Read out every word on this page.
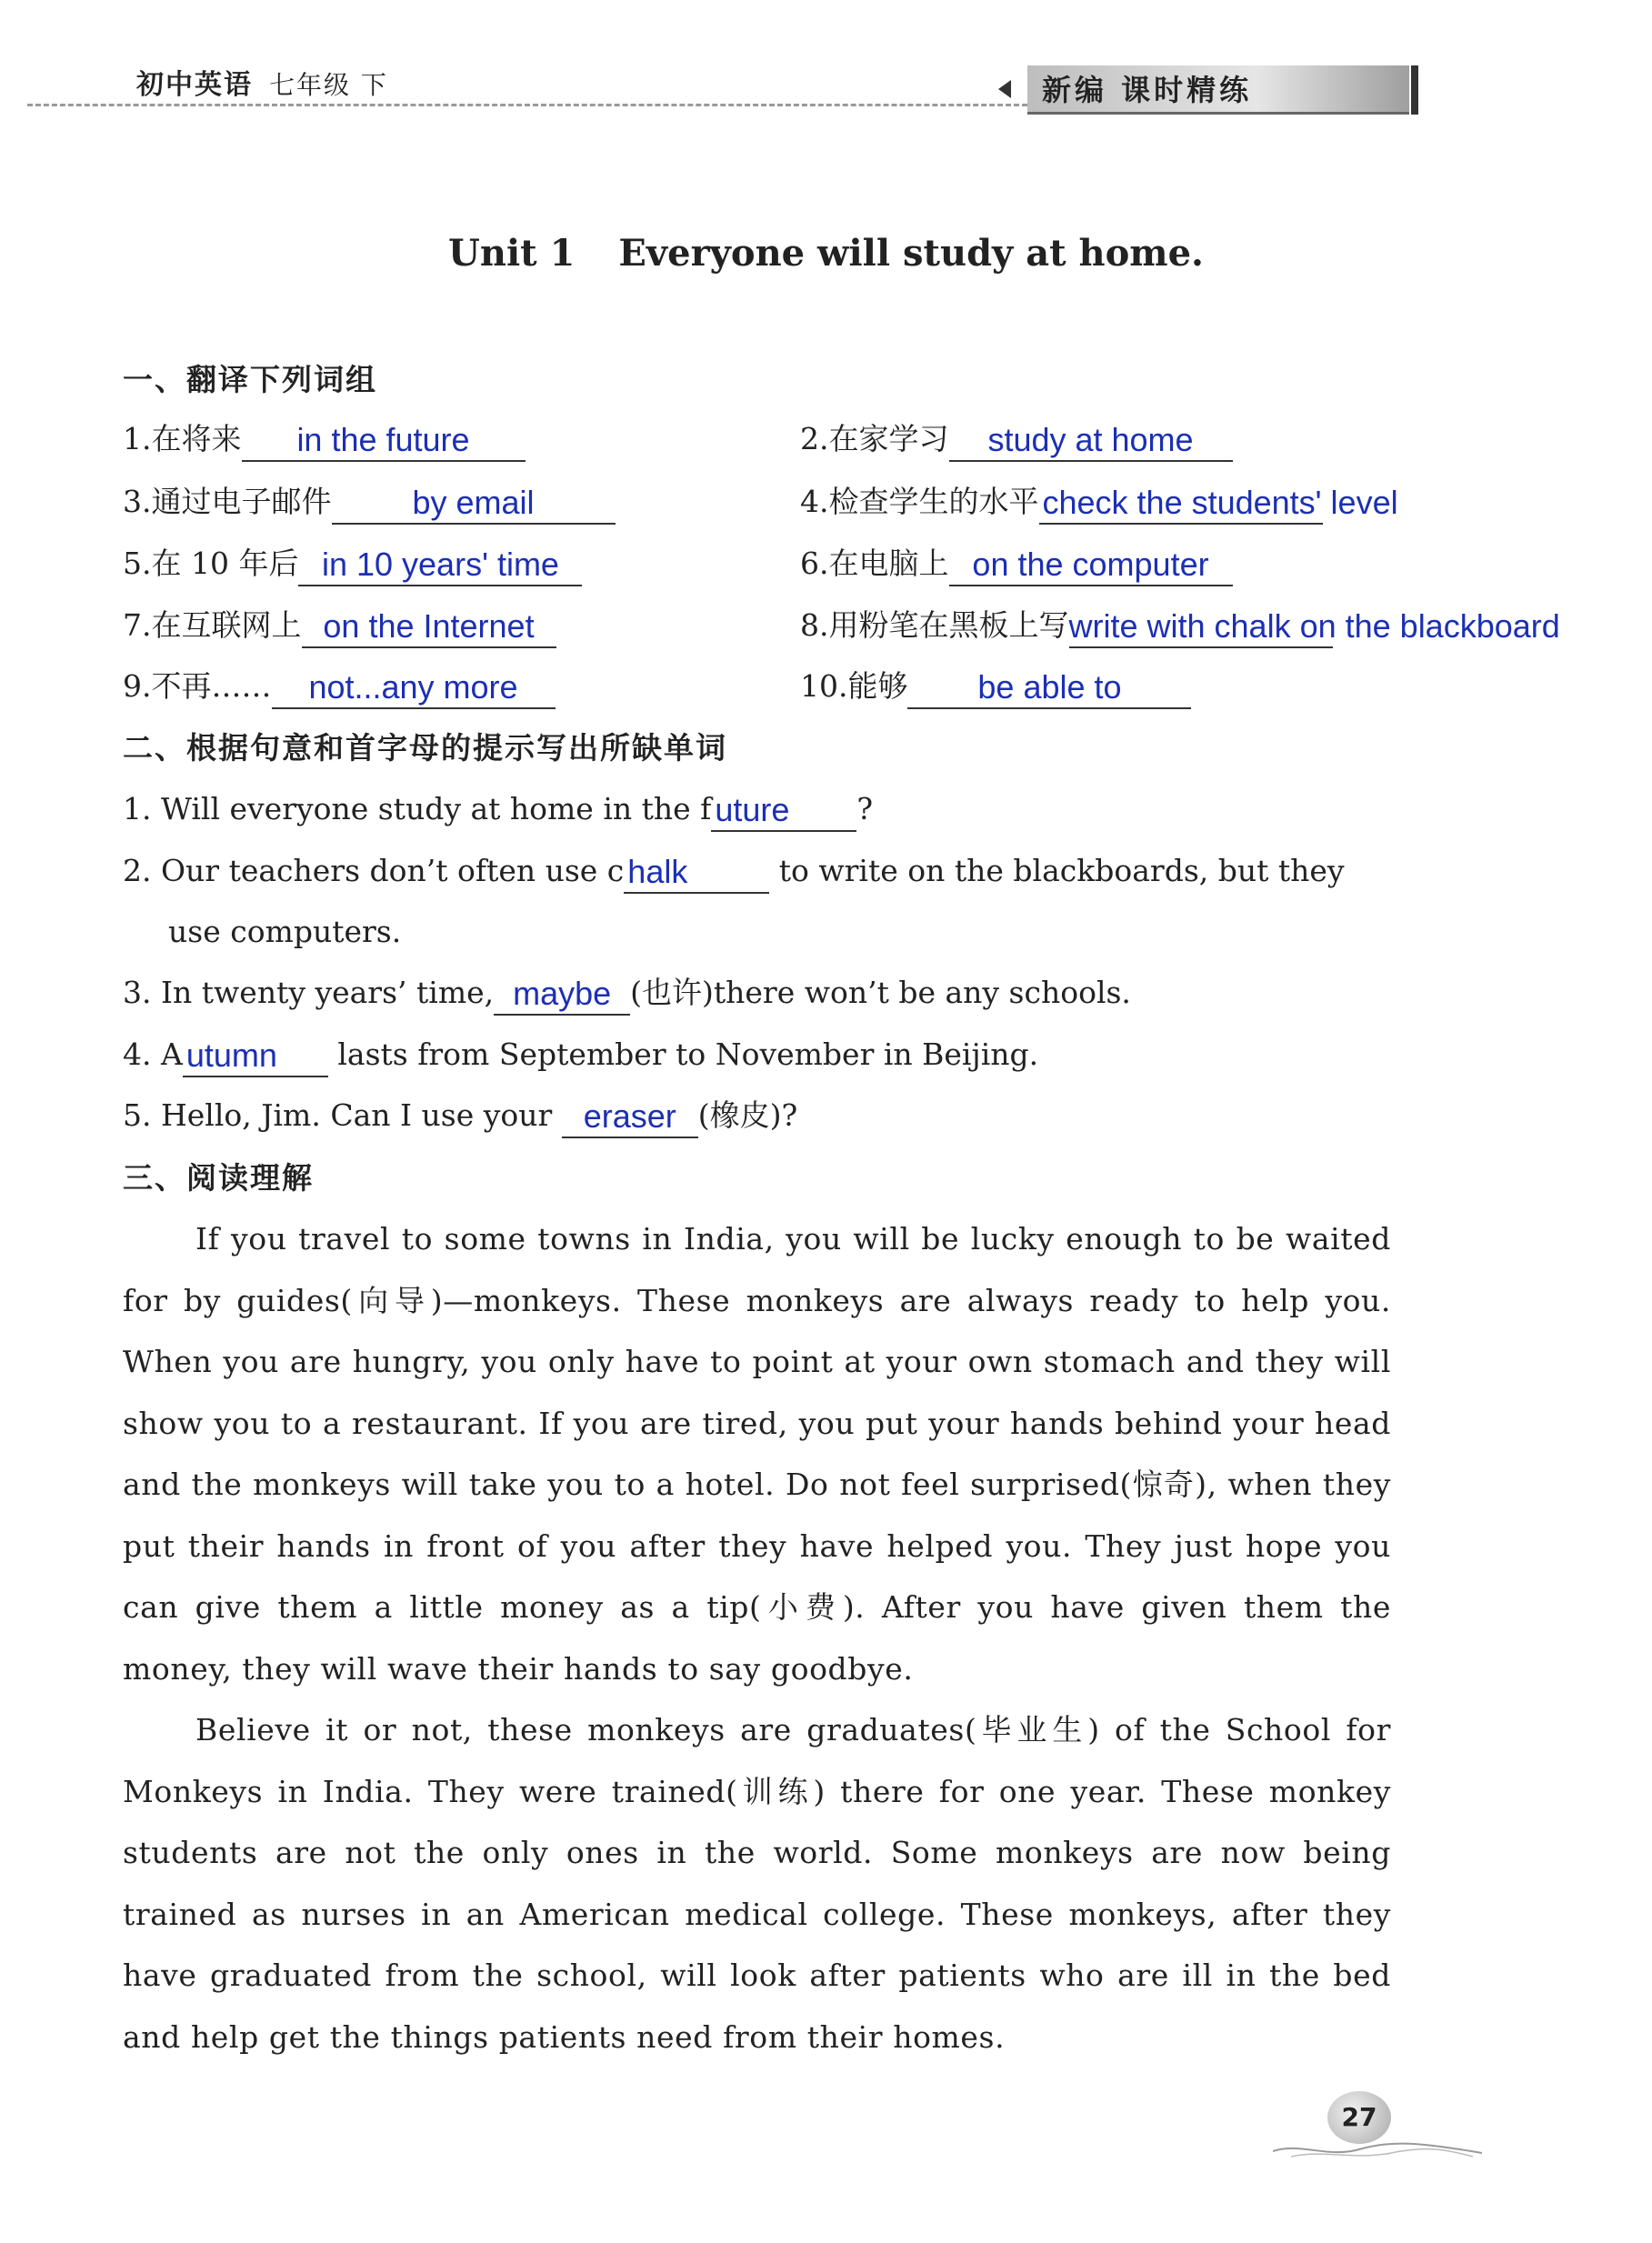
初中英语 七年级 下	新编 课时精练
Unit 1 Everyone will study at home.
一、翻译下列词组
1.在将来	in the future	2.在家学习	study at home
3.通过电子邮件	by email	4.检查学生的水平 check the students' level
5.在 10 年后 in 10 years' time	6.在电脑上 on the computer
7.在互联网上 on the Internet	8.用粉笔在黑板上写 write with chalk on the blackboard
9.不再……	not...any more	10.能够	be able to
二、根据句意和首字母的提示写出所缺单词
1. Will everyone study at home in the f uture	?
2. Our teachers don’t often use c halk	to write on the blackboards, but they
use computers.
3. In twenty years’ time, maybe (也许)there won’t be any schools.
4. A utumn	lasts from September to November in Beijing.
5. Hello, Jim. Can I use your eraser (橡皮)?
三、阅读理解

If you travel to some towns in India, you will be lucky enough to be waited for by guides(向导)—monkeys. These monkeys are always ready to help you. When you are hungry, you only have to point at your own stomach and they will show you to a restaurant. If you are tired, you put your hands behind your head and the monkeys will take you to a hotel. Do not feel surprised(惊奇), when they put their hands in front of you after they have helped you. They just hope you can give them a little money as a tip(小费). After you have given them the money, they will wave their hands to say goodbye.

Believe it or not, these monkeys are graduates(毕业生) of the School for Monkeys in India. They were trained(训练) there for one year. These monkey students are not the only ones in the world. Some monkeys are now being trained as nurses in an American medical college. These monkeys, after they have graduated from the school, will look after patients who are ill in the bed and help get the things patients need from their homes.

27
